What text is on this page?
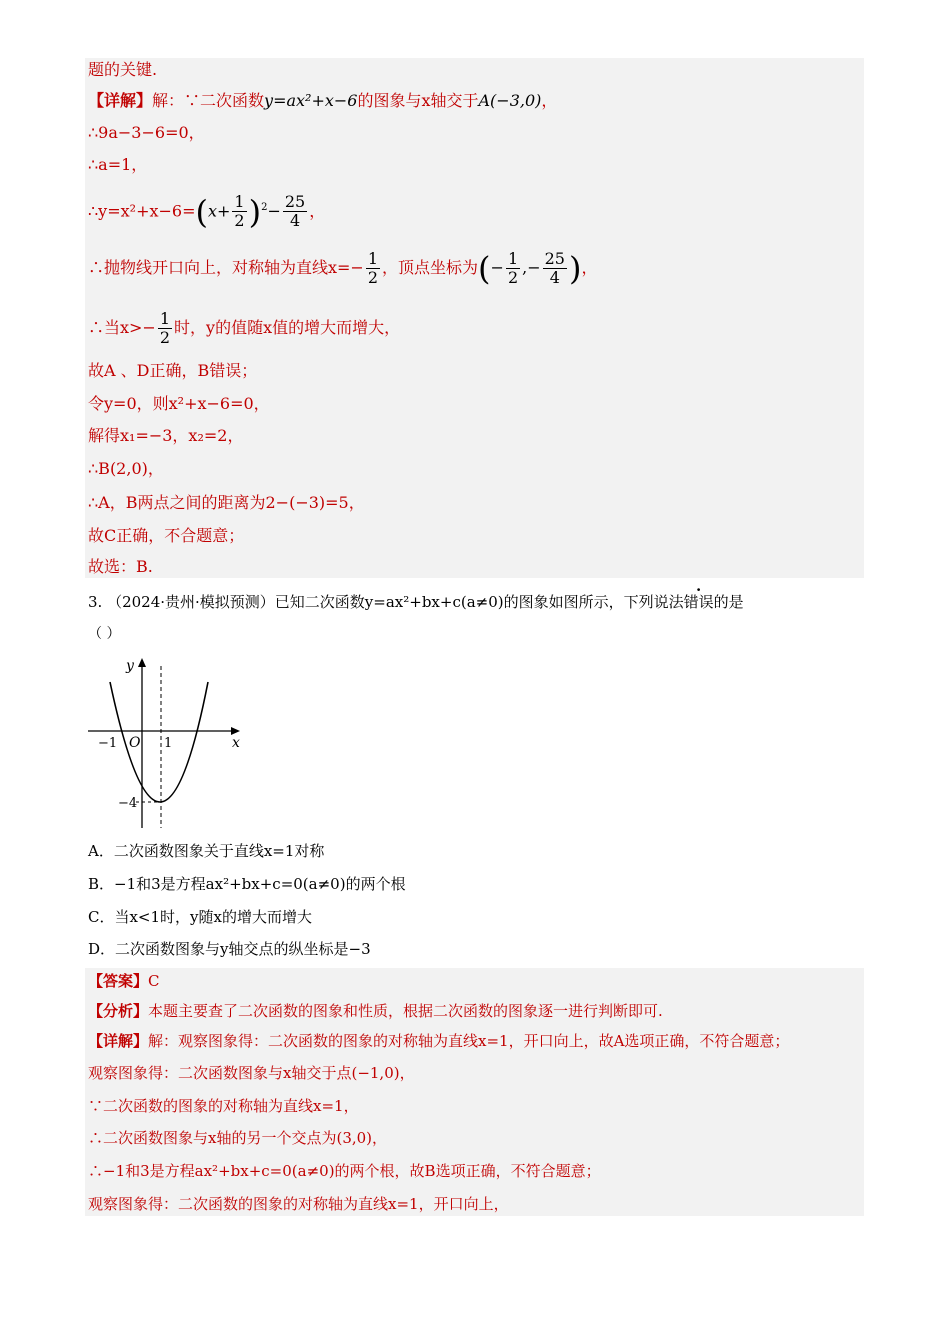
题的关键.
【详解】解：∵二次函数y=ax²+x−6的图象与x轴交于A(−3,0)，
∴9a−3−6=0，
∴a=1，
∴y=x²+x−6=(x+ $\frac{1}{2} )^2- \frac{25}{4}$ ，
∴抛物线开口向上，对称轴为直线$x=- \frac{1}{2}$ ，顶点坐标为(− $\frac{1}{2}$ ,− $\frac{25}{4}$ )，
∴当$x>- \frac{1}{2}$ 时，y的值随x值的增大而增大，
故A 、D正确，B错误；
令y=0，则x²+x−6=0，
解得x₁=−3，x₂=2，
∴B(2,0)，
∴A，B两点之间的距离为2−(−3)=5，
故C正确，不合题意；
故选：B.
3. （2024·贵州·模拟预测）已知二次函数y=ax²+bx+c(a≠0)的图象如图所示，下列说法错误的是
（ ）
y
x
O
−1	1
−4
A．二次函数图象关于直线x=1对称
B．−1和3是方程ax²+bx+c=0(a≠0)的两个根
C．当x<1时，y随x的增大而增大
D．二次函数图象与y轴交点的纵坐标是−3
【答案】C
【分析】本题主要查了二次函数的图象和性质，根据二次函数的图象逐一进行判断即可.
【详解】解：观察图象得：二次函数的图象的对称轴为直线x=1，开口向上，故A选项正确，不符合题意；
观察图象得：二次函数图象与x轴交于点(−1,0)，
∵二次函数的图象的对称轴为直线x=1，
∴二次函数图象与x轴的另一个交点为(3,0)，
∴−1和3是方程ax²+bx+c=0(a≠0)的两个根，故B选项正确，不符合题意；
观察图象得：二次函数的图象的对称轴为直线x=1，开口向上，
